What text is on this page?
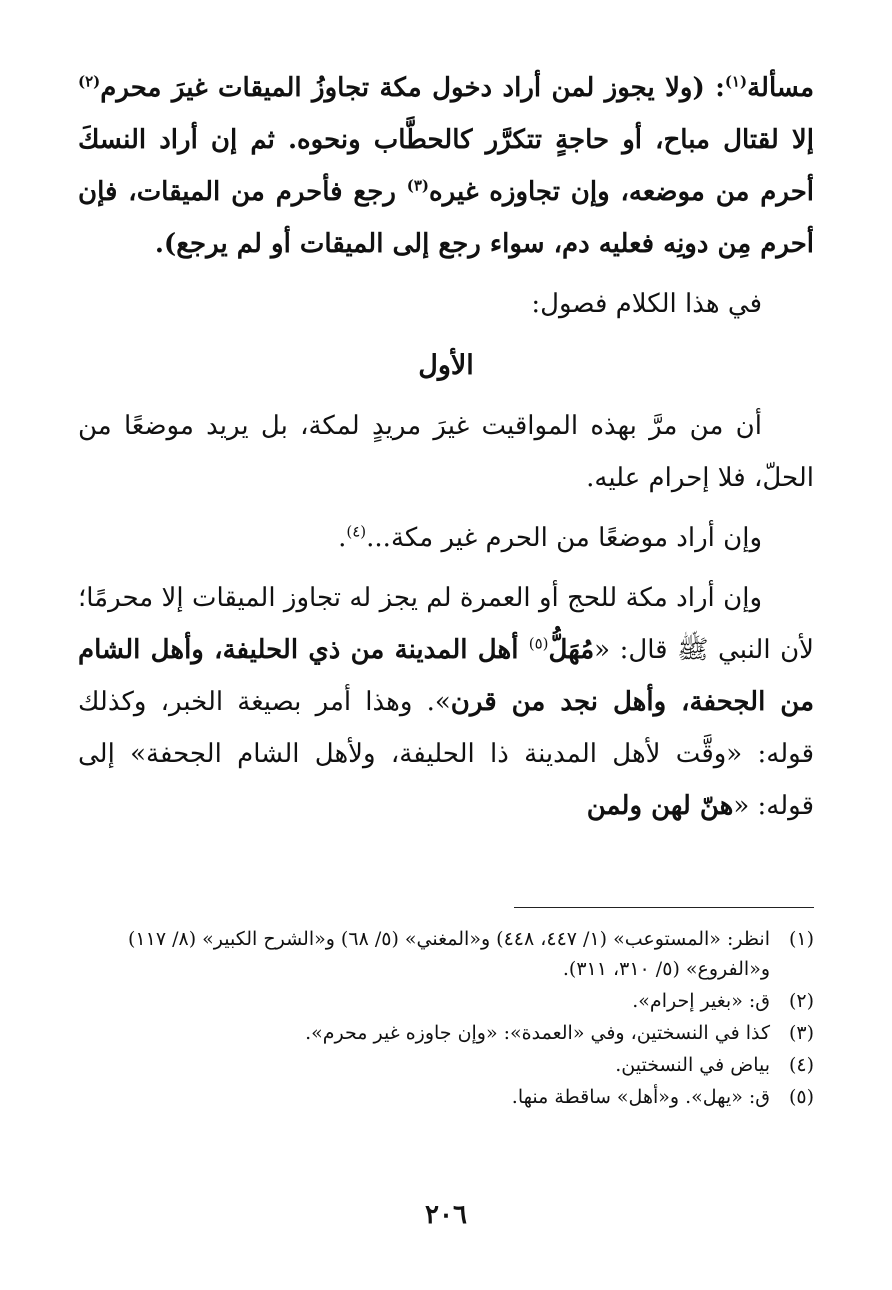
مسألة$^{(١)}$: (ولا يجوز لمن أراد دخول مكة تجاوزُ الميقات غيرَ محرم$^{(٢)}$ إلا لقتال مباح، أو حاجةٍ تتكرَّر كالحطَّاب ونحوه. ثم إن أراد النسكَ أحرم من موضعه، وإن تجاوزه غيره$^{(٣)}$ رجع فأحرم من الميقات، فإن أحرم مِن دونِه فعليه دم، سواء رجع إلى الميقات أو لم يرجع).

في هذا الكلام فصول:

الأول

أن من مرَّ بهذه المواقيت غيرَ مريدٍ لمكة، بل يريد موضعًا من الحلّ، فلا إحرام عليه.

وإن أراد موضعًا من الحرم غير مكة...$^{(٤)}$.

وإن أراد مكة للحج أو العمرة لم يجز له تجاوز الميقات إلا محرمًا؛ لأن النبي ﷺ قال: «مُهَلُّ$^{(٥)}$ أهل المدينة من ذي الحليفة، وأهل الشام من الجحفة، وأهل نجد من قرن». وهذا أمر بصيغة الخبر، وكذلك قوله: «وقَّت لأهل المدينة ذا الحليفة، ولأهل الشام الجحفة» إلى قوله: «هنّ لهن ولمن

(١)
انظر: «المستوعب» (١/ ٤٤٧، ٤٤٨) و«المغني» (٥/ ٦٨) و«الشرح الكبير» (٨/ ١١٧) و«الفروع» (٥/ ٣١٠، ٣١١).
(٢)
ق: «بغير إحرام».
(٣)
كذا في النسختين، وفي «العمدة»: «وإن جاوزه غير محرم».
(٤)
بياض في النسختين.
(٥)
ق: «يهل». و«أهل» ساقطة منها.
٢٠٦
